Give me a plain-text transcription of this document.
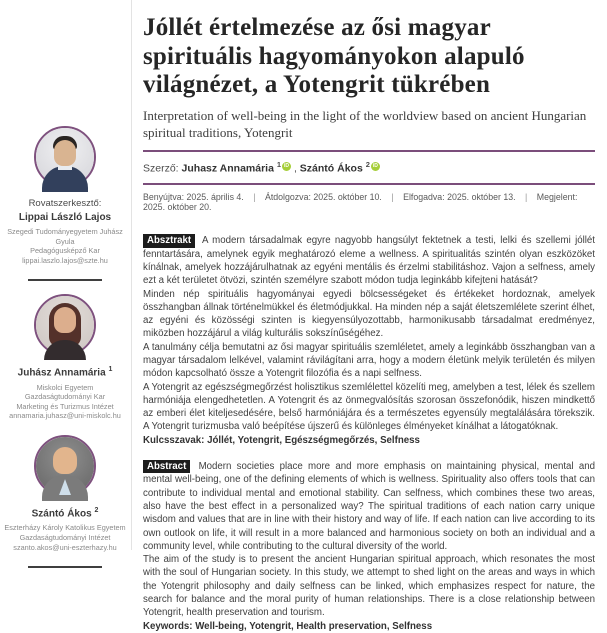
Rovatszerkesztő:
Lippai László Lajos
Szegedi Tudományegyetem Juhász Gyula
Pedagógusképző Kar
lippai.laszlo.lajos@szte.hu
Juhász Annamária $^1$
Miskolci Egyetem
Gazdaságtudományi Kar
Marketing és Turizmus Intézet
annamaria.juhasz@uni-miskolc.hu
Szántó Ákos $^2$
Eszterházy Károly Katolikus Egyetem
Gazdaságtudományi Intézet
szanto.akos@uni-eszterhazy.hu
Jóllét értelmezése az ősi magyar spirituális hagyományokon alapuló világnézet, a Yotengrit tükrében
Interpretation of well-being in the light of the worldview based on ancient Hungarian spiritual traditions, Yotengrit
Szerző: Juhasz Annamária $^1$ iD , Szántó Ákos $^2$ iD
Benyújtva: 2025. április 4. | Átdolgozva: 2025. október 10. | Elfogadva: 2025. október 13. | Megjelent: 2025. október 20.

Absztrakt A modern társadalmak egyre nagyobb hangsúlyt fektetnek a testi, lelki és szellemi jóllét fenntartására, amelynek egyik meghatározó eleme a wellness. A spiritualitás szintén olyan eszközöket kínálnak, amelyek hozzájárulhatnak az egyéni mentális és érzelmi stabilitáshoz. Vajon a selfness, amely ezt a két területet ötvözi, szintén személyre szabott módon tudja leginkább kifejteni hatását?

Minden nép spirituális hagyományai egyedi bölcsességeket és értékeket hordoznak, amelyek összhangban állnak történelmükkel és életmódjukkal. Ha minden nép a saját életszemlélete szerint élhet, az egyéni és közösségi szinten is kiegyensúlyozottabb, harmonikusabb társadalmat eredményez, miközben hozzájárul a világ kulturális sokszínűségéhez.

A tanulmány célja bemutatni az ősi magyar spirituális szemléletet, amely a leginkább összhangban van a magyar társadalom lelkével, valamint rávilágítani arra, hogy a modern életünk melyik területén és milyen módon kapcsolható össze a Yotengrit filozófia és a napi selfness.

A Yotengrit az egészségmegőrzést holisztikus szemlélettel közelíti meg, amelyben a test, lélek és szellem harmóniája elengedhetetlen. A Yotengrit és az önmegvalósítás szorosan összefonódik, hiszen mindkettő az emberi élet kiteljesedésére, belső harmóniájára és a természetes egyensúly megtalálására törekszik. A Yotengrit turizmusba való beépítése újszerű és különleges élményeket kínálhat a látogatóknak.

Kulcsszavak: Jóllét, Yotengrit, Egészségmegőrzés, Selfness

Abstract Modern societies place more and more emphasis on maintaining physical, mental and mental well-being, one of the defining elements of which is wellness. Spirituality also offers tools that can contribute to individual mental and emotional stability. Can selfness, which combines these two areas, also have the best effect in a personalized way? The spiritual traditions of each nation carry unique wisdom and values that are in line with their history and way of life. If each nation can live according to its own outlook on life, it will result in a more balanced and harmonious society on both an individual and a community level, while contributing to the cultural diversity of the world.

The aim of the study is to present the ancient Hungarian spiritual approach, which resonates the most with the soul of Hungarian society. In this study, we attempt to shed light on the areas and ways in which the Yotengrit philosophy and daily selfness can be linked, which emphasizes respect for nature, the search for balance and the moral purity of human relationships. There is a close relationship between Yotengrit, health preservation and tourism.

Keywords: Well-being, Yotengrit, Health preservation, Selfness
